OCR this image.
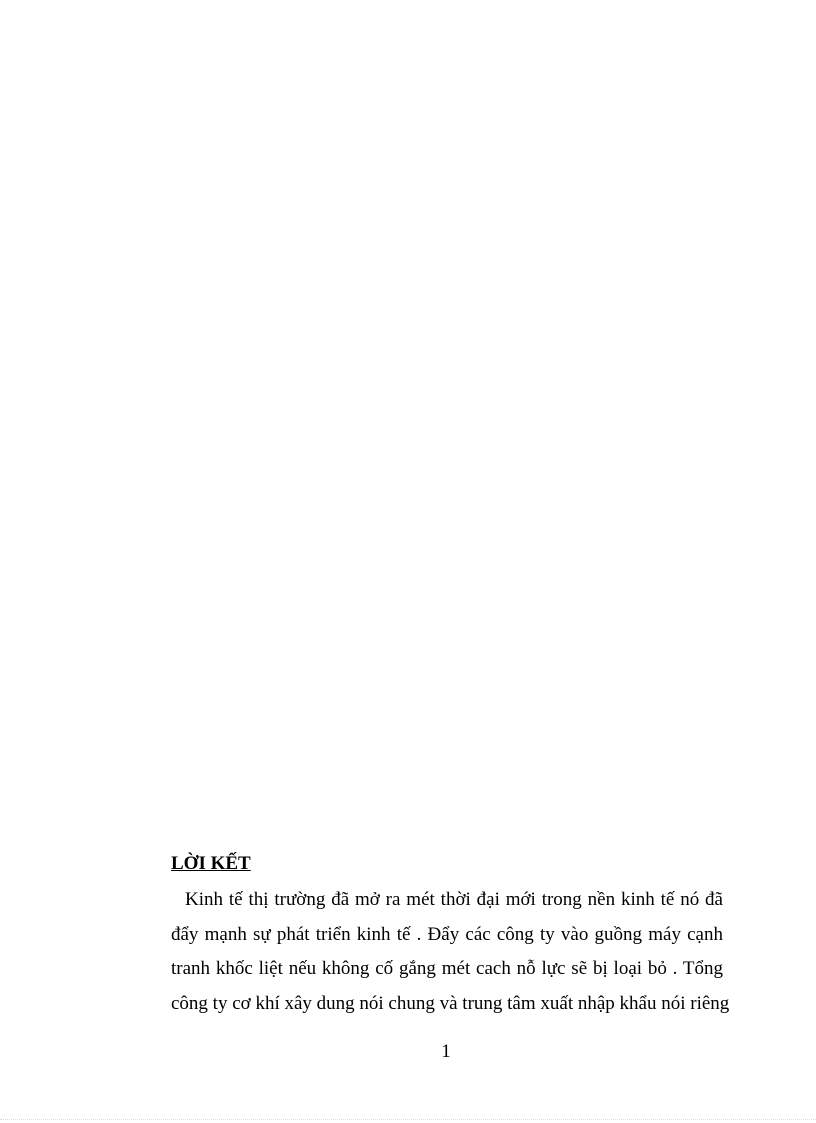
LỜI KẾT
Kinh tế thị trường đã mở ra mét thời đại mới trong nền kinh tế nó đã
đẩy mạnh sự phát triển kinh tế . Đẩy các công ty vào guồng máy cạnh
tranh khốc liệt nếu không cố gắng mét cach nỗ lực sẽ bị loại bỏ . Tổng
công ty cơ khí xây dung nói chung và trung tâm xuất nhập khẩu nói riêng
1
